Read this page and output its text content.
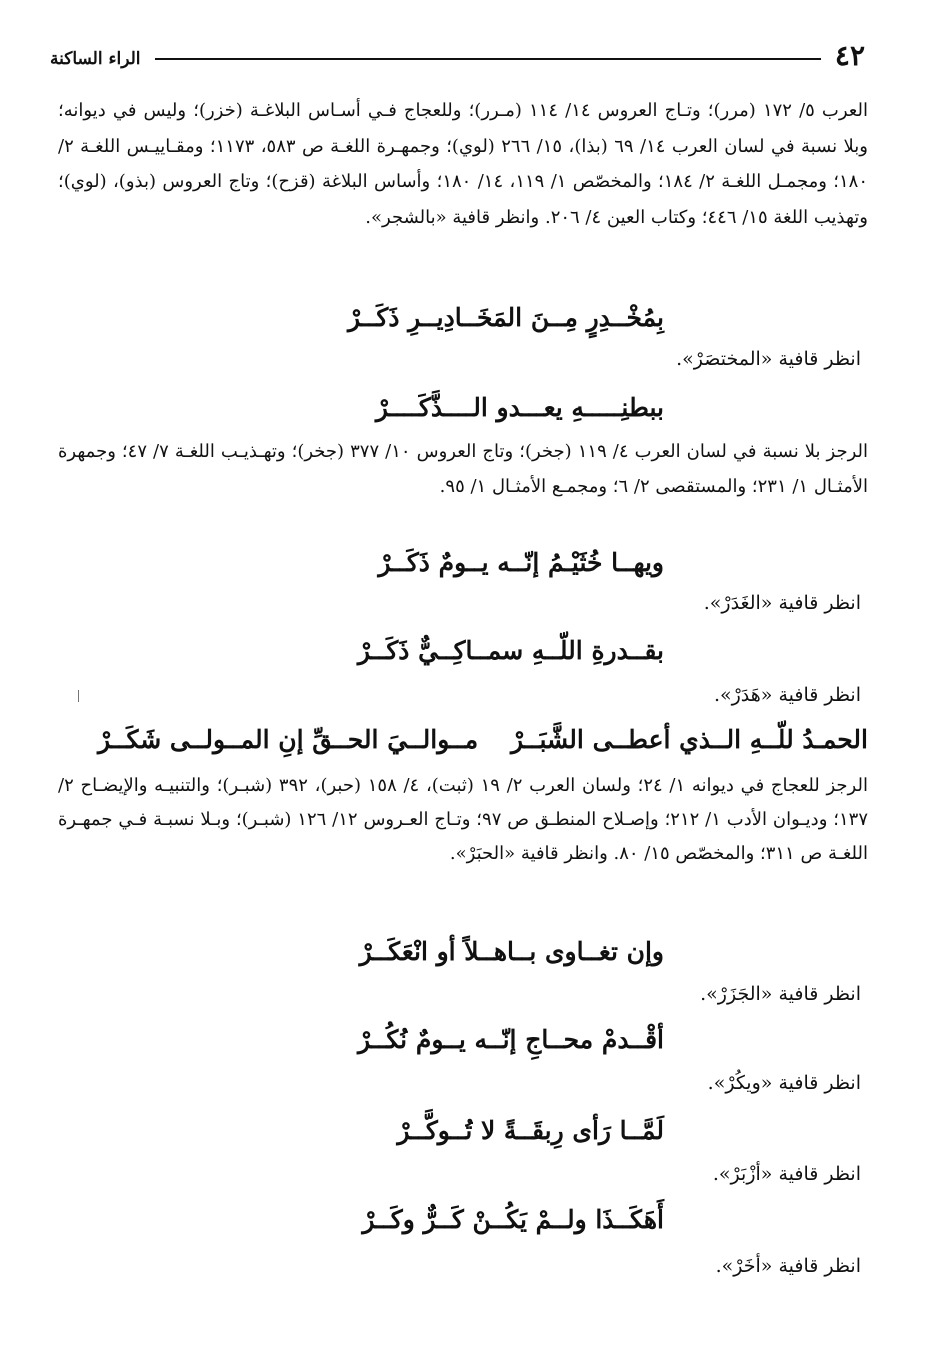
٤٢
الراء الساكنة

العرب ٥/ ١٧٢ (مرر)؛ وتـاج العروس ١٤/ ١١٤ (مـرر)؛ وللعجاج فـي أسـاس البلاغـة (خزر)؛ وليس في ديوانه؛ وبلا نسبة في لسان العرب ١٤/ ٦٩ (بذا)، ١٥/ ٢٦٦ (لوي)؛ وجمهـرة اللغـة ص ٥٨٣، ١١٧٣؛ ومقـاييـس اللغـة ٢/ ١٨٠؛ ومجمـل اللغـة ٢/ ١٨٤؛ والمخصّص ١/ ١١٩، ١٤/ ١٨٠؛ وأساس البلاغة (قزح)؛ وتاج العروس (بذو)، (لوي)؛ وتهذيب اللغة ١٥/ ٤٤٦؛ وكتاب العين ٤/ ٢٠٦. وانظر قافية «بالشجر».

بِمُخْــدِرٍ مِــنَ المَخَــادِيــرِ ذَكَــرْ
انظر قافية «المختصَرْ».
ببطنِـــــهِ يعـــدو الــــذَّكَــــرْ

الرجز بلا نسبة في لسان العرب ٤/ ١١٩ (جخر)؛ وتاج العروس ١٠/ ٣٧٧ (جخر)؛ وتهـذيـب اللغـة ٧/ ٤٧؛ وجمهرة الأمثـال ١/ ٢٣١؛ والمستقصى ٢/ ٦؛ ومجمـع الأمثـال ١/ ٩٥.

ويهــا خُثَيْـمُ إنّــه يــومٌ ذَكَــرْ
انظر قافية «الغَدَرْ».
بقــدرةِ اللّــهِ سمــاكِــيٌّ ذَكَــرْ
انظر قافية «هَدَرْ».
الحمـدُ للّــهِ الــذي أعطــى الشَّبَــرْ
مــوالــيَ الحــقِّ إنِ المــولــى شَكَــرْ

الرجز للعجاج في ديوانه ١/ ٢٤؛ ولسان العرب ٢/ ١٩ (ثبت)، ٤/ ١٥٨ (حبر)، ٣٩٢ (شبـر)؛ والتنبيـه والإيضـاح ٢/ ١٣٧؛ وديـوان الأدب ١/ ٢١٢؛ وإصـلاح المنطـق ص ٩٧؛ وتـاج العـروس ١٢/ ١٢٦ (شبـر)؛ وبـلا نسبـة فـي جمهـرة اللغـة ص ٣١١؛ والمخصّص ١٥/ ٨٠. وانظر قافية «الحبَرْ».

وإن تغــاوى بــاهــلاً أو انْعَكَــرْ
انظر قافية «الجَزَرْ».
أقْــدمْ محــاجِ إنّــه يــومٌ نُكُــرْ
انظر قافية «ويكُرْ».
لَمَّــا رَأى رِبقَــةً لا تُــوكَّــرْ
انظر قافية «أزْبَرْ».
أَهَكَــذَا ولــمْ يَكُــنْ كَــرٌّ وكَــرْ
انظر قافية «أخَرْ».
